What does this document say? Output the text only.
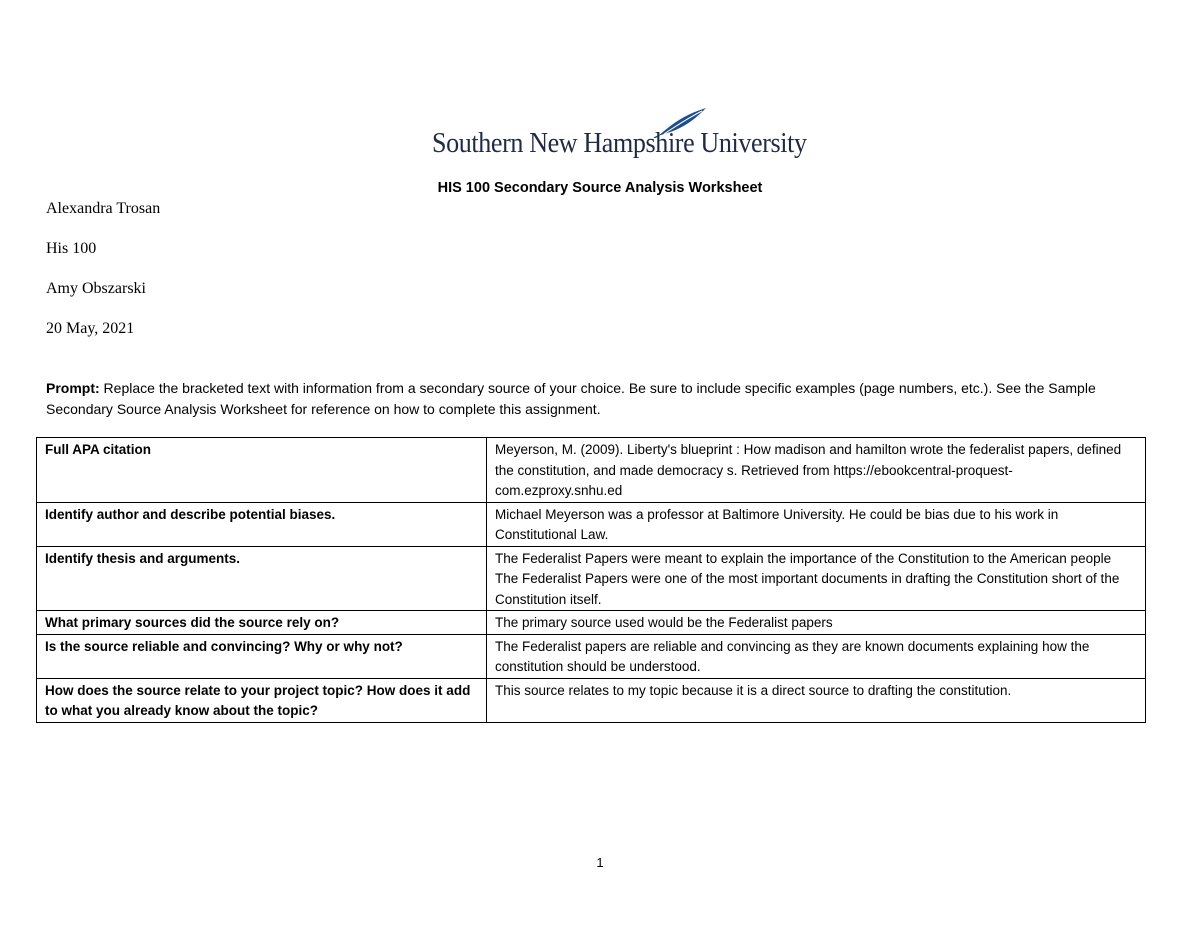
Southern New Hampshire University
HIS 100 Secondary Source Analysis Worksheet
Alexandra Trosan
His 100
Amy Obszarski
20 May, 2021
Prompt: Replace the bracketed text with information from a secondary source of your choice. Be sure to include specific examples (page numbers, etc.). See the Sample Secondary Source Analysis Worksheet for reference on how to complete this assignment.
Full APA citation	Meyerson, M. (2009). Liberty's blueprint : How madison and hamilton wrote the federalist papers, defined the constitution, and made democracy s. Retrieved from https://ebookcentral-proquest-com.ezproxy.snhu.ed

Identify author and describe potential biases.	Michael Meyerson was a professor at Baltimore University. He could be bias due to his work in Constitutional Law.

Identify thesis and arguments.	The Federalist Papers were meant to explain the importance of the Constitution to the American people
The Federalist Papers were one of the most important documents in drafting the Constitution short of the Constitution itself.

What primary sources did the source rely on?	The primary source used would be the Federalist papers

Is the source reliable and convincing? Why or why not?	The Federalist papers are reliable and convincing as they are known documents explaining how the constitution should be understood.

How does the source relate to your project topic? How does it add to what you already know about the topic?	This source relates to my topic because it is a direct source to drafting the constitution.
1
